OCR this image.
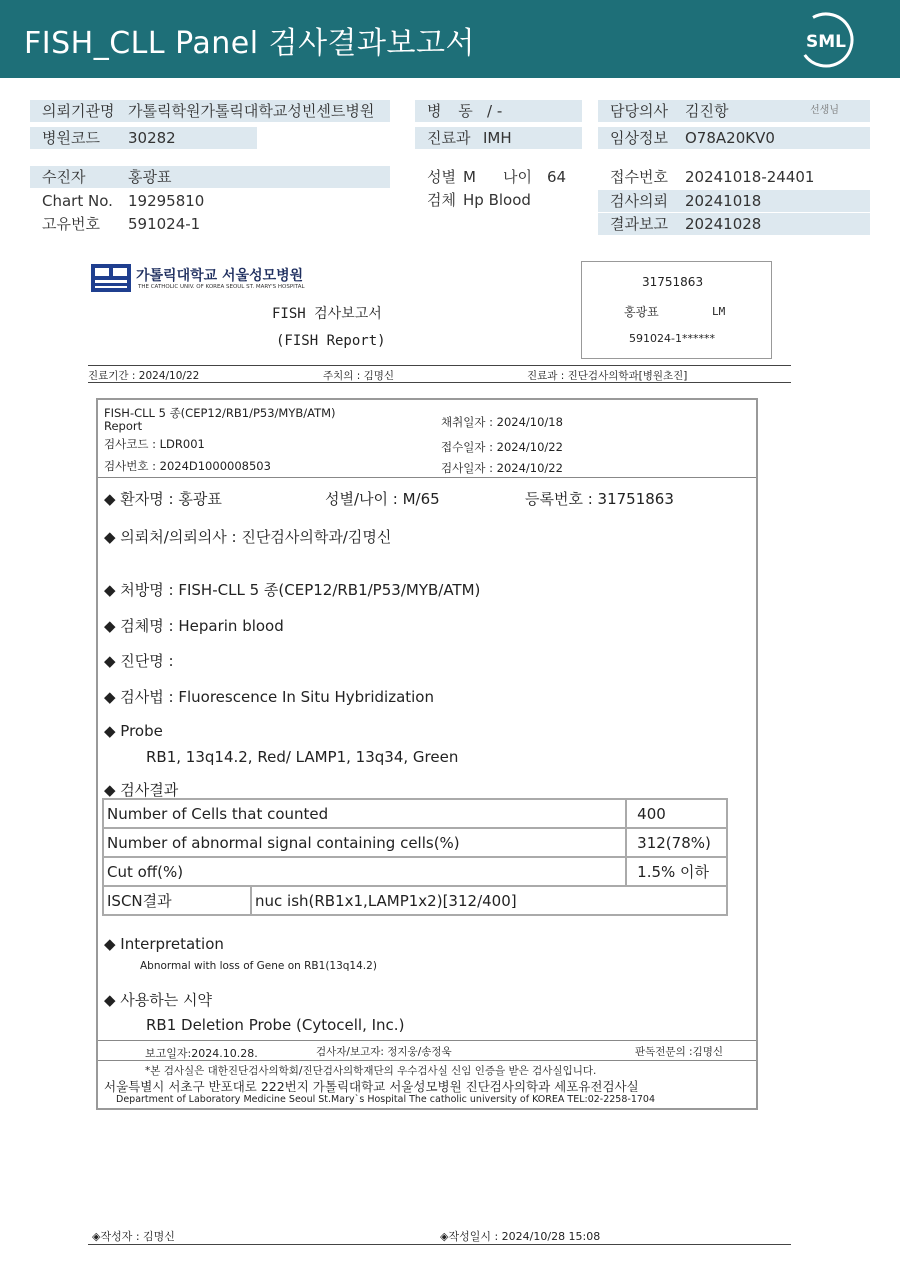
FISH_CLL Panel 검사결과보고서	SML
의뢰기관명 가톨릭학원가톨릭대학교성빈센트병원	병 동 / -	담당의사 김진항	선생님
병원코드 30282	진료과 IMH	임상정보 O78A20KV0
수진자	홍광표	성별 M 나이 64	접수번호 20241018-24401
Chart No. 19295810	검체 Hp Blood	검사의뢰 20241018
고유번호 591024-1	결과보고 20241028
가톨릭대학교 서울성모병원
THE CATHOLIC UNIV. OF KOREA SEOUL ST. MARY'S HOSPITAL
FISH 검사보고서
(FISH Report)
31751863
홍광표	LM
591024-1******
진료기간 : 2024/10/22	주치의 : 김명신	진료과 : 진단검사의학과[병원초진]
FISH-CLL 5 종(CEP12/RB1/P53/MYB/ATM)
Report
검사코드 : LDR001
검사번호 : 2024D1000008503
채취일자 : 2024/10/18
접수일자 : 2024/10/22
검사일자 : 2024/10/22
◆ 환자명 : 홍광표	성별/나이 : M/65	등록번호 : 31751863
◆ 의뢰처/의뢰의사 : 진단검사의학과/김명신
◆ 처방명 : FISH-CLL 5 종(CEP12/RB1/P53/MYB/ATM)
◆ 검체명 : Heparin blood
◆ 진단명 :
◆ 검사법 : Fluorescence In Situ Hybridization
◆ Probe
RB1, 13q14.2, Red/ LAMP1, 13q34, Green
◆ 검사결과
Number of Cells that counted		400
Number of abnormal signal containing cells(%)		312(78%)
Cut off(%)		1.5% 이하
ISCN결과	nuc ish(RB1x1,LAMP1x2)[312/400]	
◆ Interpretation
Abnormal with loss of Gene on RB1(13q14.2)
◆ 사용하는 시약
RB1 Deletion Probe (Cytocell, Inc.)
보고일자:2024.10.28.	검사자/보고자: 정지웅/송정욱	판독전문의 :김명신
*본 검사실은 대한진단검사의학회/진단검사의학재단의 우수검사실 신임 인증을 받은 검사실입니다.
서울특별시 서초구 반포대로 222번지 가톨릭대학교 서울성모병원 진단검사의학과 세포유전검사실
Department of Laboratory Medicine Seoul St.Mary`s Hospital The catholic university of KOREA TEL:02-2258-1704
◈작성자 : 김명신	◈작성일시 : 2024/10/28 15:08
